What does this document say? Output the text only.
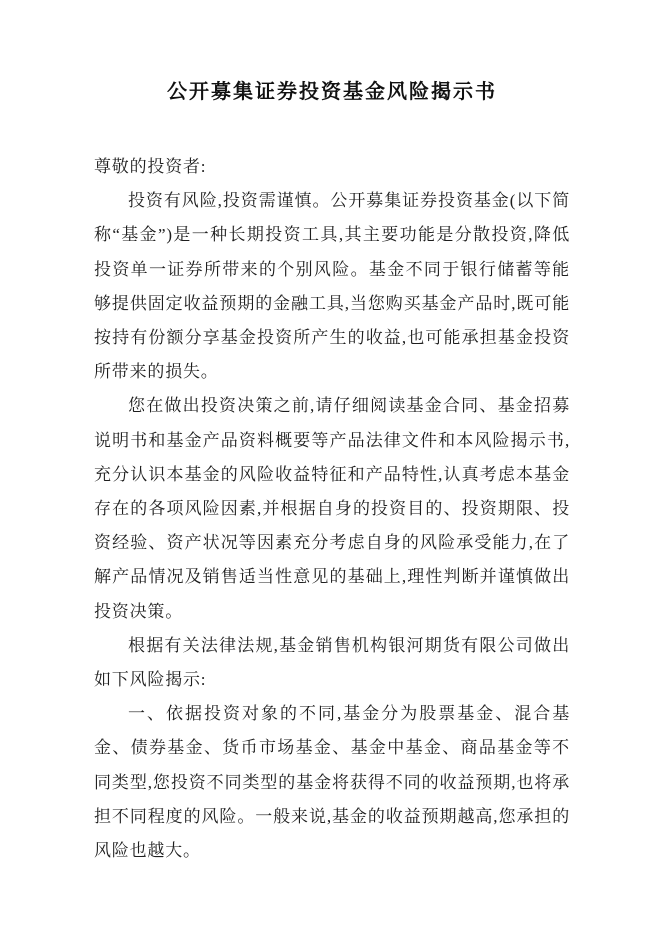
公开募集证券投资基金风险揭示书

尊敬的投资者:

投资有风险,投资需谨慎。公开募集证券投资基金(以下简称“基金”)是一种长期投资工具,其主要功能是分散投资,降低投资单一证券所带来的个别风险。基金不同于银行储蓄等能够提供固定收益预期的金融工具,当您购买基金产品时,既可能按持有份额分享基金投资所产生的收益,也可能承担基金投资所带来的损失。

您在做出投资决策之前,请仔细阅读基金合同、基金招募说明书和基金产品资料概要等产品法律文件和本风险揭示书,充分认识本基金的风险收益特征和产品特性,认真考虑本基金存在的各项风险因素,并根据自身的投资目的、投资期限、投资经验、资产状况等因素充分考虑自身的风险承受能力,在了解产品情况及销售适当性意见的基础上,理性判断并谨慎做出投资决策。

根据有关法律法规,基金销售机构银河期货有限公司做出如下风险揭示:

一、依据投资对象的不同,基金分为股票基金、混合基金、债券基金、货币市场基金、基金中基金、商品基金等不同类型,您投资不同类型的基金将获得不同的收益预期,也将承担不同程度的风险。一般来说,基金的收益预期越高,您承担的风险也越大。
